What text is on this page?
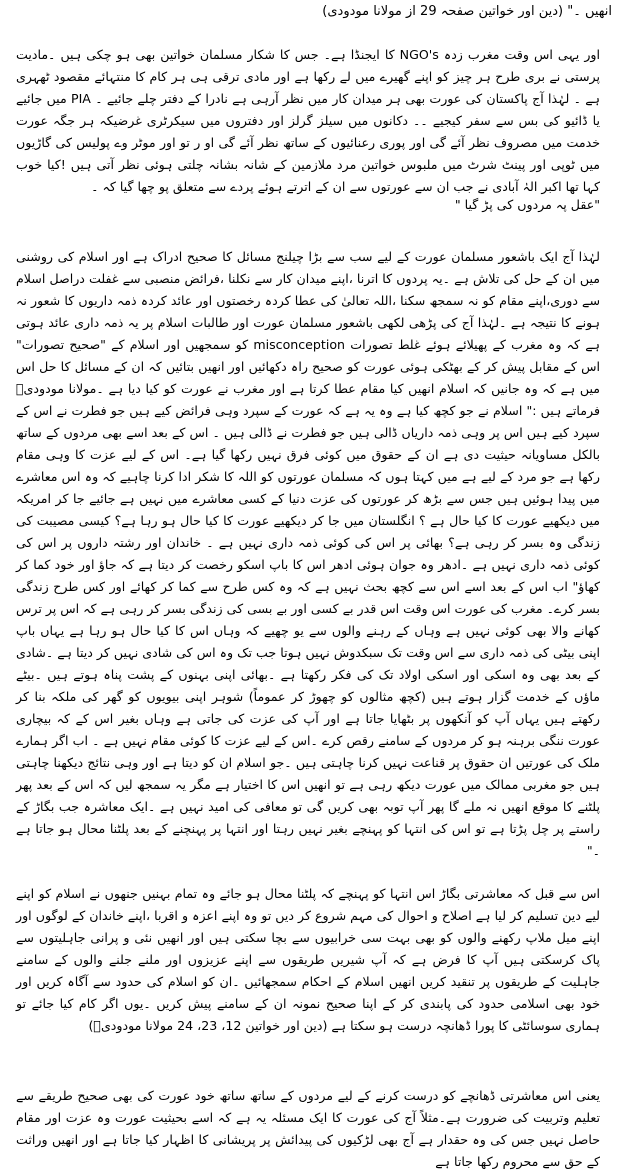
انھیں ۔" (دین اور خواتین صفحہ 29 از مولانا مودودی)
اور یہی اس وقت مغرب زدہ NGO's کا ایجنڈا ہے۔ جس کا شکار مسلمان خواتین بھی ہو چکی ہیں ۔مادیت پرستی نے بری طرح ہر چیز کو اپنے گھیرے میں لے رکھا ہے اور مادی ترقی ہی ہر کام کا منتہائے مقصود ٹھہری ہے ۔ لہٰذا آج پاکستان کی عورت بھی ہر میدان کار میں نظر آرہی ہے نادرا کے دفتر چلے جائیے ۔ PIA میں جائیے یا ڈائیو کی بس سے سفر کیجیے ۔۔ دکانوں میں سیلز گرلز اور دفتروں میں سیکرٹری غرضیکہ ہر جگہ عورت خدمت میں مصروف نظر آئے گی اور پوری رعنائیوں کے ساتھ نظر آئے گی او ر تو اور موٹر وے پولیس کی گاڑیوں میں ٹوپی اور پینٹ شرٹ میں ملبوس خواتین مرد ملازمین کے شانہ بشانہ چلتی ہوئی نظر آتی ہیں !کیا خوب کہا تھا اکبر الہٰ آبادی نے جب ان سے عورتوں سے ان کے اترتے ہوئے پردے سے متعلق پو چھا گیا کہ ۔
"عقل پہ مردوں کی پڑ گیا "
لہٰذا آج ایک باشعور مسلمان عورت کے لیے سب سے بڑا چیلنج مسائل کا صحیح ادراک ہے اور اسلام کی روشنی میں ان کے حل کی تلاش ہے ۔یہ پردوں کا اترنا ،اپنے میدان کار سے نکلنا ،فرائض منصبی سے غفلت دراصل اسلام سے دوری،اپنے مقام کو نہ سمجھ سکنا ،اللہ تعالیٰ کی عطا کردہ رخصتوں اور عائد کردہ ذمہ داریوں کا شعور نہ ہونے کا نتیجہ ہے ۔لہٰذا آج کی پڑھی لکھی باشعور مسلمان عورت اور طالبات اسلام پر یہ ذمہ داری عائد ہوتی ہے کہ وہ مغرب کے پھیلائے ہوئے غلط تصورات misconception کو سمجھیں اور اسلام کے "صحیح تصورات" اس کے مقابل پیش کر کے بھٹکی ہوئی عورت کو صحیح راہ دکھائیں اور انھیں بتائیں کہ ان کے مسائل کا حل اس میں ہے کہ وہ جانیں کہ اسلام انھیں کیا مقام عطا کرتا ہے اور مغرب نے عورت کو کیا دیا ہے ۔مولانا مودودیؒ فرماتے ہیں :" اسلام نے جو کچھ کیا ہے وہ یہ ہے کہ عورت کے سپرد وہی فرائض کیے ہیں جو فطرت نے اس کے سپرد کیے ہیں اس پر وہی ذمہ داریاں ڈالی ہیں جو فطرت نے ڈالی ہیں ۔ اس کے بعد اسے بھی مردوں کے ساتھ بالکل مساویانہ حیثیت دی ہے ان کے حقوق میں کوئی فرق نہیں رکھا گیا ہے۔ اس کے لیے عزت کا وہی مقام رکھا ہے جو مرد کے لیے ہے میں کہتا ہوں کہ مسلمان عورتوں کو اللہ کا شکر ادا کرنا چاہیے کہ وہ اس معاشرے میں پیدا ہوئیں ہیں جس سے بڑھ کر عورتوں کی عزت دنیا کے کسی معاشرے میں نہیں ہے جائیے جا کر امریکہ میں دیکھیے عورت کا کیا حال ہے ؟ انگلستان میں جا کر دیکھیے عورت کا کیا حال ہو رہا ہے؟ کیسی مصیبت کی زندگی وہ بسر کر رہی ہے؟ بھائی پر اس کی کوئی ذمہ داری نہیں ہے ۔ خاندان اور رشتہ داروں پر اس کی کوئی ذمہ داری نہیں ہے ۔ادھر وہ جوان ہوئی ادھر اس کا باپ اسکو رخصت کر دیتا ہے کہ جاؤ اور خود کما کر کھاؤ" اب اس کے بعد اسے اس سے کچھ بحث نہیں ہے کہ وہ کس طرح سے کما کر کھائے اور کس طرح زندگی بسر کرے۔ مغرب کی عورت اس وقت اس قدر بے کسی اور بے بسی کی زندگی بسر کر رہی ہے کہ اس پر ترس کھانے والا بھی کوئی نہیں ہے وہاں کے رہنے والوں سے یو چھیے کہ وہاں اس کا کیا حال ہو رہا ہے یہاں باپ اپنی بیٹی کی ذمہ داری سے اس وقت تک سبکدوش نہیں ہوتا جب تک وہ اس کی شادی نہیں کر دیتا ہے ۔شادی کے بعد بھی وہ اسکی اور اسکی اولاد تک کی فکر رکھتا ہے ۔بھائی اپنی بہنوں کے پشت پناہ ہوتے ہیں ۔بیٹے ماؤں کے خدمت گزار ہوتے ہیں (کچھ مثالوں کو چھوڑ کر عموماً) شوہر اپنی بیویوں کو گھر کی ملکہ بنا کر رکھتے ہیں یہاں آپ کو آنکھوں پر بٹھایا جاتا ہے اور آپ کی عزت کی جاتی ہے وہاں بغیر اس کے کہ بیچاری عورت ننگی برہنہ ہو کر مردوں کے سامنے رقص کرے ۔اس کے لیے عزت کا کوئی مقام نہیں ہے ۔ اب اگر ہمارے ملک کی عورتیں ان حقوق پر قناعت نہیں کرنا چاہتی ہیں ۔جو اسلام ان کو دیتا ہے اور وہی نتائج دیکھنا چاہتی ہیں جو مغربی ممالک میں عورت دیکھ رہی ہے تو انھیں اس کا اختیار ہے مگر یہ سمجھ لیں کہ اس کے بعد پھر پلٹنے کا موقع انھیں نہ ملے گا پھر آپ توبہ بھی کریں گی تو معافی کی امید نہیں ہے ۔ایک معاشرہ جب بگاڑ کے راستے پر چل پڑتا ہے تو اس کی انتہا کو پہنچے بغیر نہیں رہتا اور انتہا پر پہنچنے کے بعد پلٹنا محال ہو جاتا ہے ۔"
اس سے قبل کہ معاشرتی بگاڑ اس انتہا کو پہنچے کہ پلٹنا محال ہو جائے وہ تمام بہنیں جنھوں نے اسلام کو اپنے لیے دین تسلیم کر لیا ہے اصلاح و احوال کی مہم شروع کر دیں تو وہ اپنے اعزہ و اقربا ،اپنے خاندان کے لوگوں اور اپنے میل ملاپ رکھنے والوں کو بھی بہت سی خرابیوں سے بچا سکتی ہیں اور انھیں نئی و پرانی جاہلیتوں سے پاک کرسکتی ہیں آپ کا فرض ہے کہ آپ شیریں طریقوں سے اپنے عزیزوں اور ملنے جلنے والوں کے سامنے جاہلیت کے طریقوں پر تنقید کریں انھیں اسلام کے احکام سمجھائیں ۔ان کو اسلام کی حدود سے آگاہ کریں اور خود بھی اسلامی حدود کی پابندی کر کے اپنا صحیح نمونہ ان کے سامنے پیش کریں ۔یوں اگر کام کیا جائے تو ہماری سوسائٹی کا پورا ڈھانچہ درست ہو سکتا ہے (دین اور خواتین 12، 23، 24 مولانا مودودیؒ)
یعنی اس معاشرتی ڈھانچے کو درست کرنے کے لیے مردوں کے ساتھ ساتھ خود عورت کی بھی صحیح طریقے سے تعلیم وتربیت کی ضرورت ہے۔مثلاً آج کی عورت کا ایک مسئلہ یہ ہے کہ اسے بحیثیت عورت وہ عزت اور مقام حاصل نہیں جس کی وہ حقدار ہے آج بھی لڑکیوں کی پیدائش پر پریشانی کا اظہار کیا جاتا ہے اور انھیں وراثت کے حق سے محروم رکھا جاتا ہے
